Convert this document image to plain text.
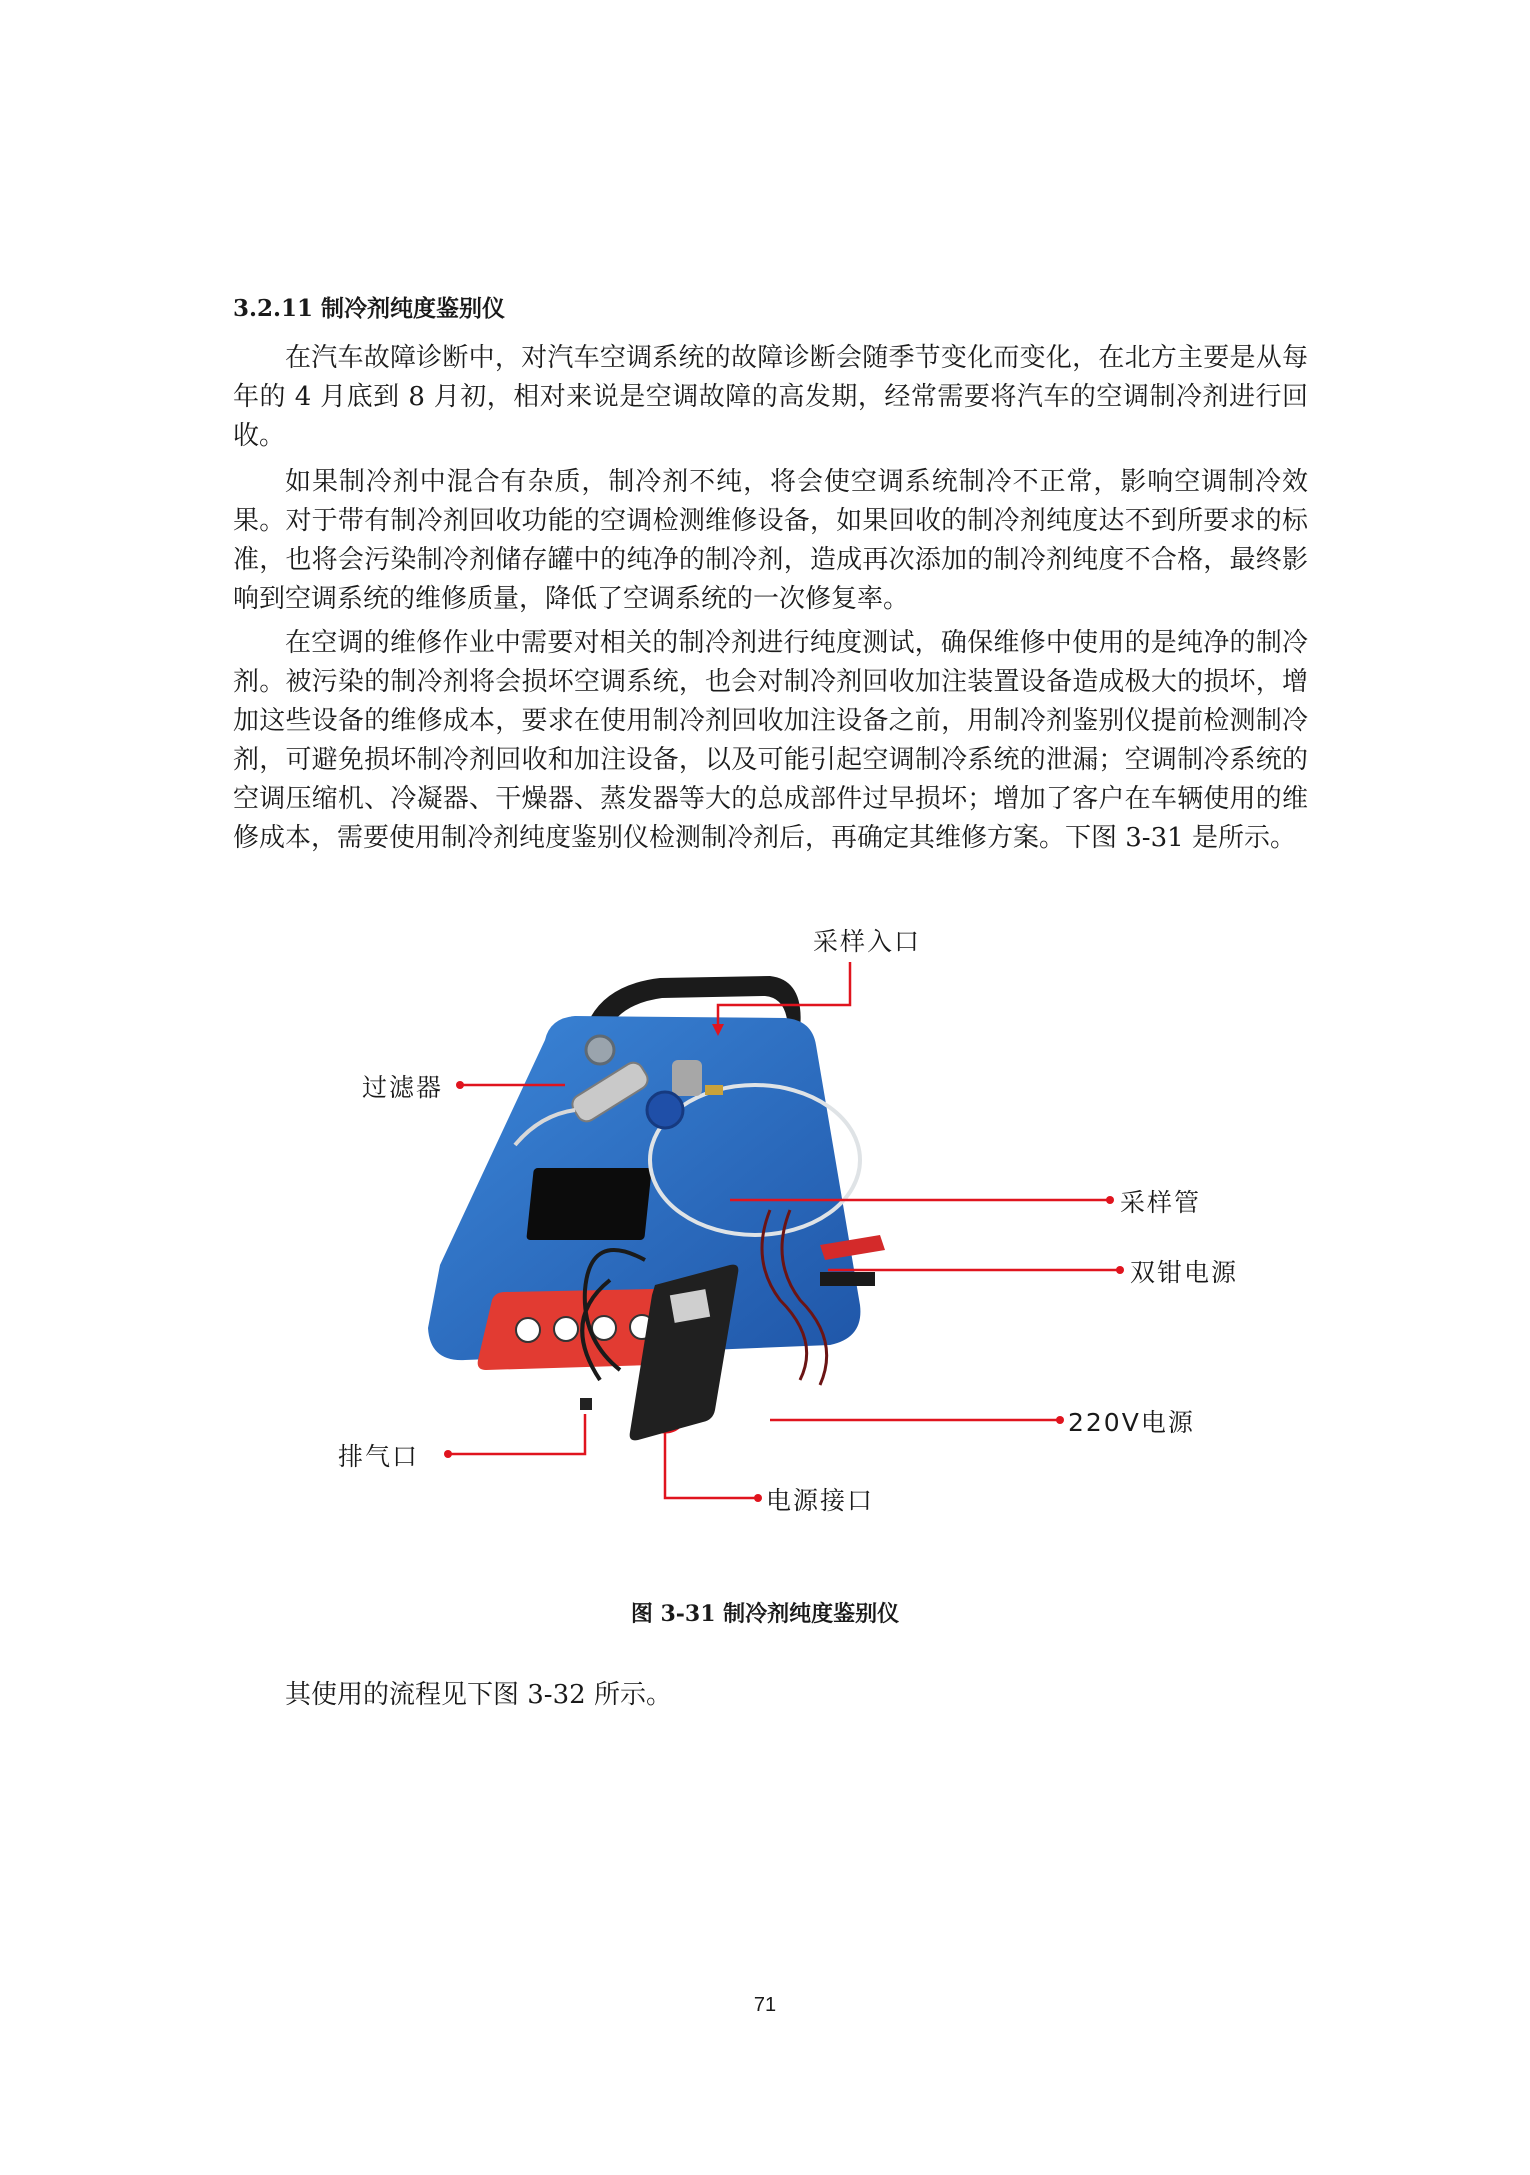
3.2.11 制冷剂纯度鉴别仪

在汽车故障诊断中，对汽车空调系统的故障诊断会随季节变化而变化，在北方主要是从每年的 4 月底到 8 月初，相对来说是空调故障的高发期，经常需要将汽车的空调制冷剂进行回收。

如果制冷剂中混合有杂质，制冷剂不纯，将会使空调系统制冷不正常，影响空调制冷效果。对于带有制冷剂回收功能的空调检测维修设备，如果回收的制冷剂纯度达不到所要求的标准，也将会污染制冷剂储存罐中的纯净的制冷剂，造成再次添加的制冷剂纯度不合格，最终影响到空调系统的维修质量，降低了空调系统的一次修复率。

在空调的维修作业中需要对相关的制冷剂进行纯度测试，确保维修中使用的是纯净的制冷剂。被污染的制冷剂将会损坏空调系统，也会对制冷剂回收加注装置设备造成极大的损坏，增加这些设备的维修成本，要求在使用制冷剂回收加注设备之前，用制冷剂鉴别仪提前检测制冷剂，可避免损坏制冷剂回收和加注设备，以及可能引起空调制冷系统的泄漏；空调制冷系统的空调压缩机、冷凝器、干燥器、蒸发器等大的总成部件过早损坏；增加了客户在车辆使用的维修成本，需要使用制冷剂纯度鉴别仪检测制冷剂后，再确定其维修方案。下图 3-31 是所示。

采样入口
过滤器
采样管
双钳电源
220V电源
排气口
电源接口
图 3-31 制冷剂纯度鉴别仪
其使用的流程见下图 3-32 所示。
71
